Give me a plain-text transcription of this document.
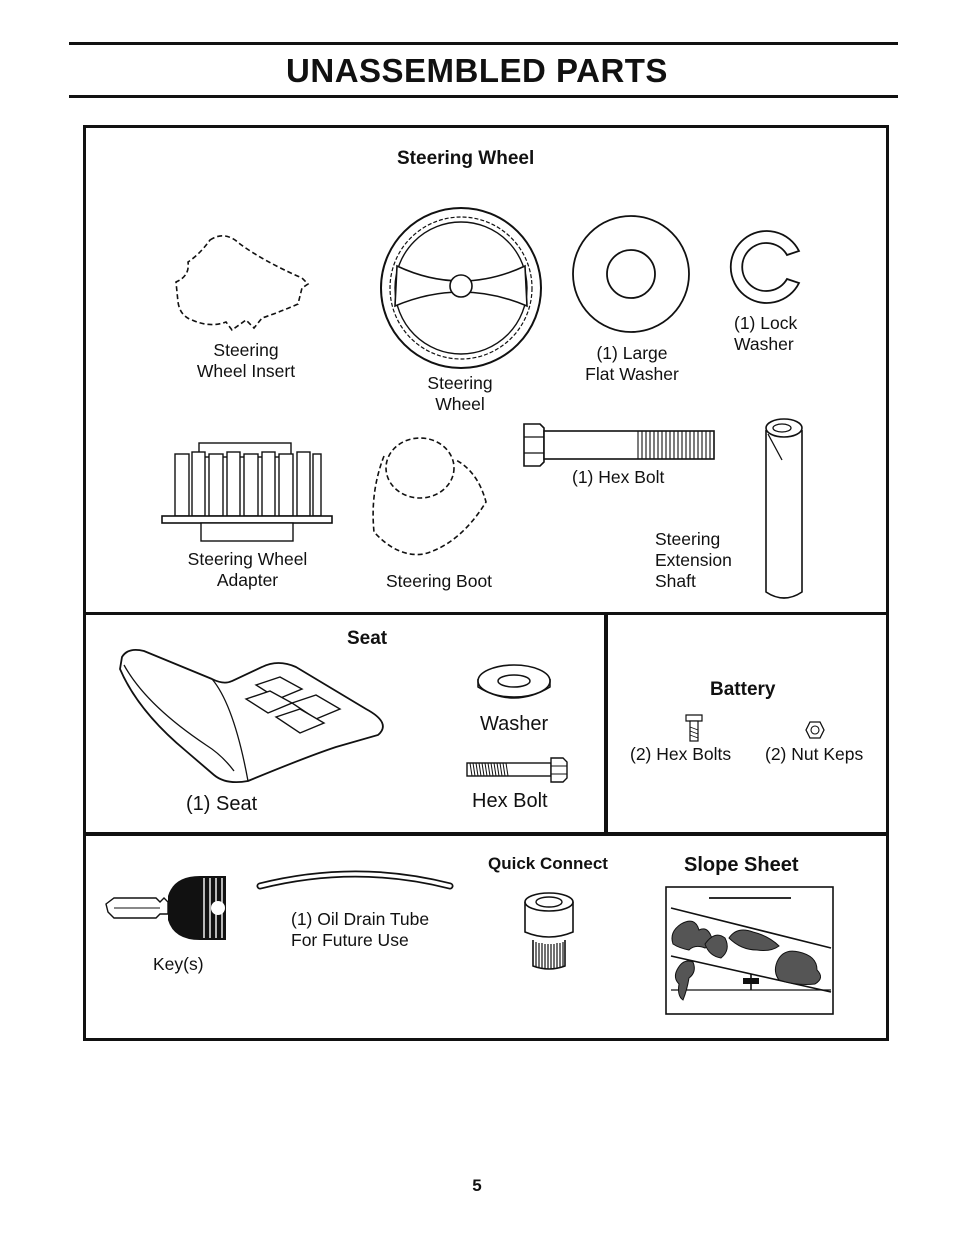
UNASSEMBLED PARTS
Steering Wheel
Steering
Wheel Insert
Steering
Wheel
(1) Large
Flat Washer
(1) Lock
Washer
Steering Wheel
Adapter	Steering Boot
(1) Hex Bolt
Steering
Extension
Shaft
Seat
(1) Seat
Washer
Hex Bolt
Battery
(2) Hex Bolts	(2) Nut Keps
Key(s)
(1) Oil Drain Tube
For Future Use
Quick Connect	Slope Sheet
5
